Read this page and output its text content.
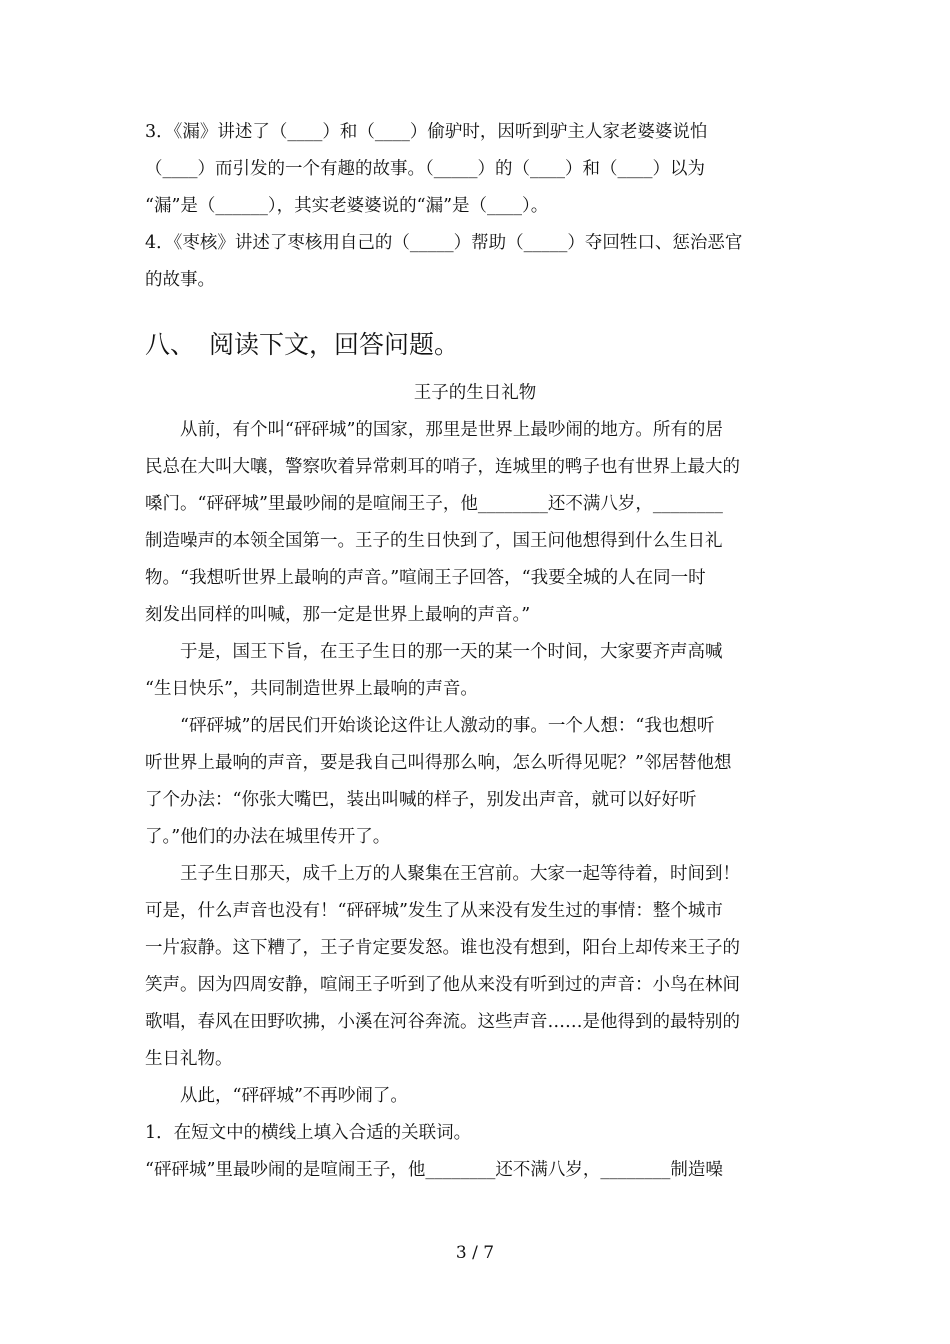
3．《漏》讲述了（____）和（____）偷驴时，因听到驴主人家老婆婆说怕
（____）而引发的一个有趣的故事。（_____）的（____）和（____）以为
“漏”是（______），其实老婆婆说的“漏”是（____）。
4．《枣核》讲述了枣核用自己的（_____）帮助（_____）夺回牲口、惩治恶官
的故事。
八、 阅读下文，回答问题。
王子的生日礼物
从前，有个叫“砰砰城”的国家，那里是世界上最吵闹的地方。所有的居
民总在大叫大嚷，警察吹着异常刺耳的哨子，连城里的鸭子也有世界上最大的
嗓门。“砰砰城”里最吵闹的是喧闹王子，他________还不满八岁，________
制造噪声的本领全国第一。王子的生日快到了，国王问他想得到什么生日礼
物。“我想听世界上最响的声音。”喧闹王子回答，“我要全城的人在同一时
刻发出同样的叫喊，那一定是世界上最响的声音。”
于是，国王下旨，在王子生日的那一天的某一个时间，大家要齐声高喊
“生日快乐”，共同制造世界上最响的声音。
“砰砰城”的居民们开始谈论这件让人激动的事。一个人想：“我也想听
听世界上最响的声音，要是我自己叫得那么响，怎么听得见呢？”邻居替他想
了个办法：“你张大嘴巴，装出叫喊的样子，别发出声音，就可以好好听
了。”他们的办法在城里传开了。
王子生日那天，成千上万的人聚集在王宫前。大家一起等待着，时间到！
可是，什么声音也没有！“砰砰城”发生了从来没有发生过的事情：整个城市
一片寂静。这下糟了，王子肯定要发怒。谁也没有想到，阳台上却传来王子的
笑声。因为四周安静，喧闹王子听到了他从来没有听到过的声音：小鸟在林间
歌唱，春风在田野吹拂，小溪在河谷奔流。这些声音……是他得到的最特别的
生日礼物。
从此，“砰砰城”不再吵闹了。
1．在短文中的横线上填入合适的关联词。
“砰砰城”里最吵闹的是喧闹王子，他________还不满八岁，________制造噪
3 / 7
